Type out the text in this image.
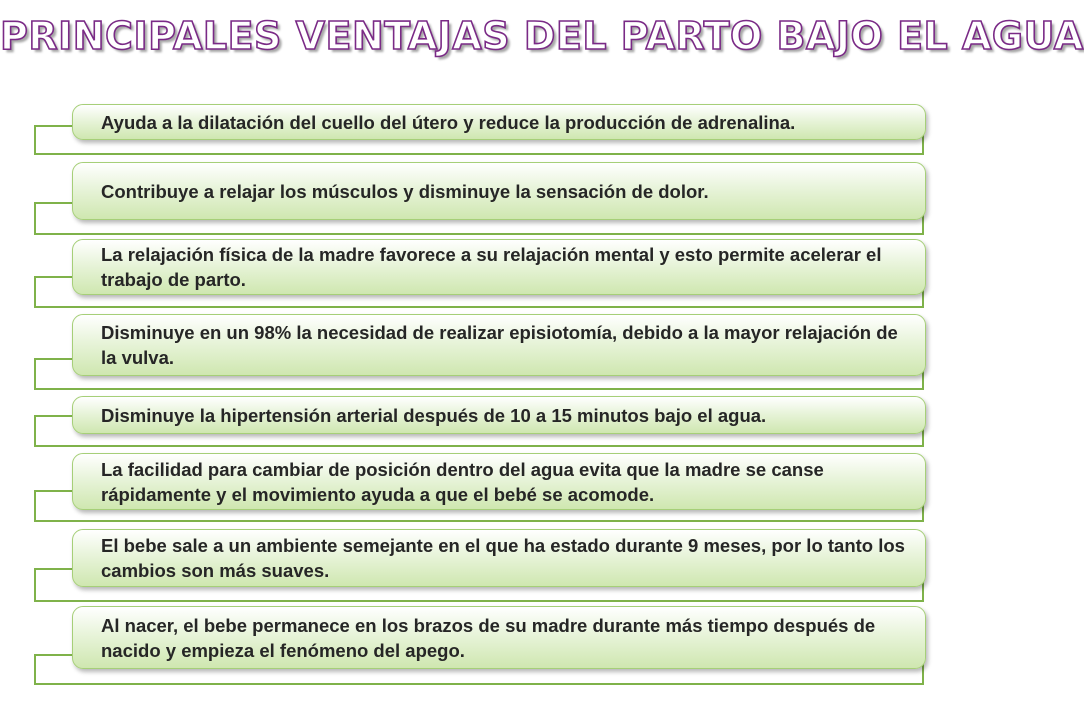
PRINCIPALES VENTAJAS DEL PARTO BAJO EL AGUA
Ayuda a la dilatación del cuello del útero y reduce la producción de adrenalina.
Contribuye a relajar los músculos y disminuye la sensación de dolor.
La relajación física de la madre favorece a su relajación mental y esto permite acelerar el trabajo de parto.
Disminuye en un 98% la necesidad de realizar episiotomía, debido a la mayor relajación de la vulva.
Disminuye la hipertensión arterial después de 10 a 15 minutos bajo el agua.
La facilidad para cambiar de posición dentro del agua evita que la madre se canse rápidamente y el movimiento ayuda a que el bebé se acomode.
El bebe sale a un ambiente semejante en el que ha estado durante 9 meses, por lo tanto los cambios son más suaves.
Al nacer, el bebe permanece en los brazos de su madre durante más tiempo después de nacido y empieza el fenómeno del apego.
